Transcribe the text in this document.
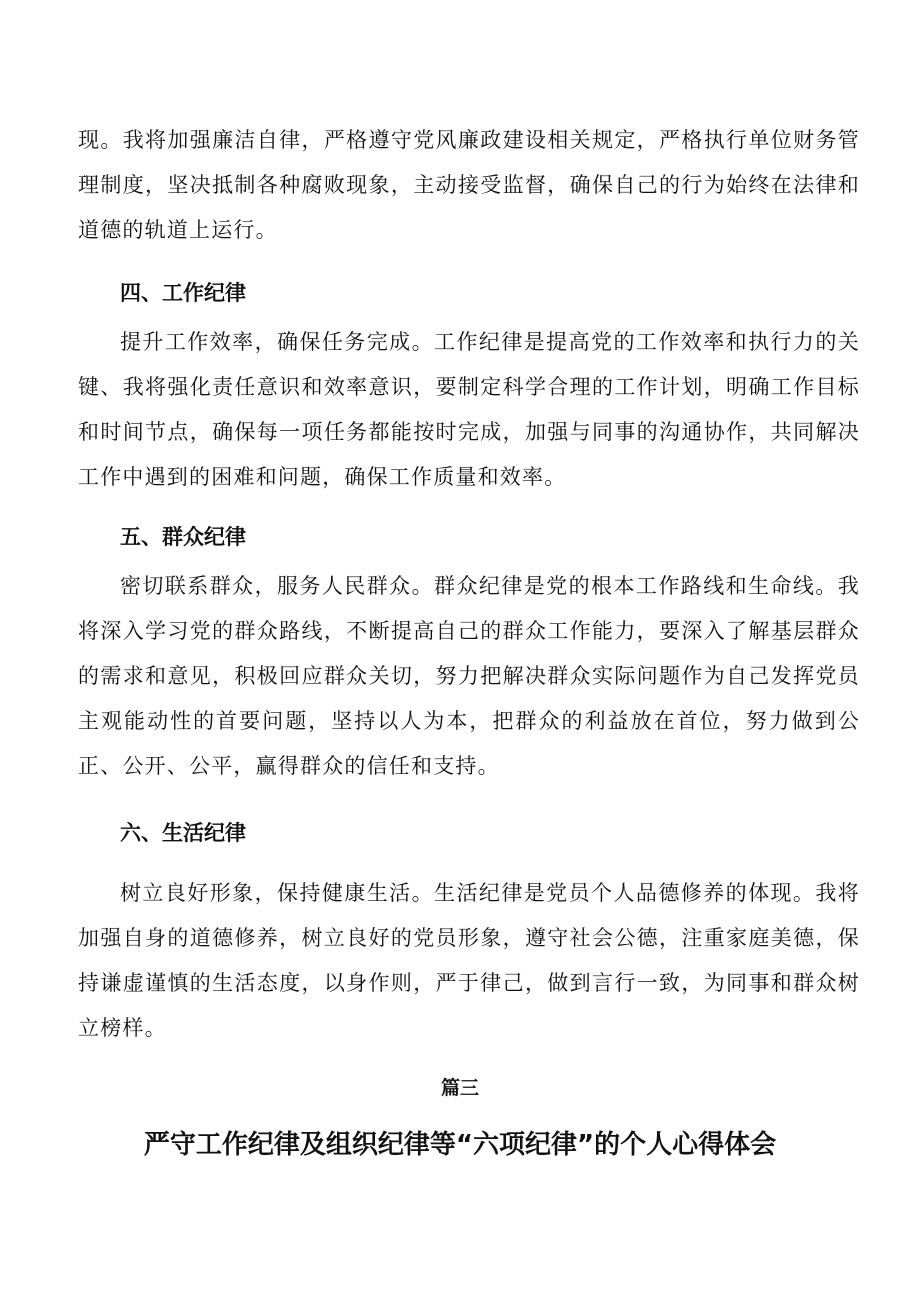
现。我将加强廉洁自律，严格遵守党风廉政建设相关规定，严格执行单位财务管理制度，坚决抵制各种腐败现象，主动接受监督，确保自己的行为始终在法律和道德的轨道上运行。

四、工作纪律

提升工作效率，确保任务完成。工作纪律是提高党的工作效率和执行力的关键、我将强化责任意识和效率意识，要制定科学合理的工作计划，明确工作目标和时间节点，确保每一项任务都能按时完成，加强与同事的沟通协作，共同解决工作中遇到的困难和问题，确保工作质量和效率。

五、群众纪律

密切联系群众，服务人民群众。群众纪律是党的根本工作路线和生命线。我将深入学习党的群众路线，不断提高自己的群众工作能力，要深入了解基层群众的需求和意见，积极回应群众关切，努力把解决群众实际问题作为自己发挥党员主观能动性的首要问题，坚持以人为本，把群众的利益放在首位，努力做到公正、公开、公平，赢得群众的信任和支持。

六、生活纪律

树立良好形象，保持健康生活。生活纪律是党员个人品德修养的体现。我将加强自身的道德修养，树立良好的党员形象，遵守社会公德，注重家庭美德，保持谦虚谨慎的生活态度，以身作则，严于律己，做到言行一致，为同事和群众树立榜样。

篇三
严守工作纪律及组织纪律等“六项纪律”的个人心得体会
